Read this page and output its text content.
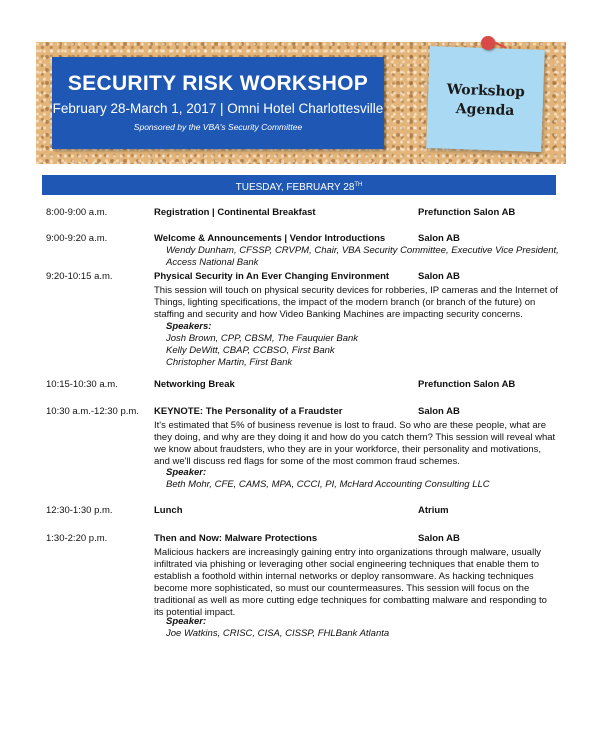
SECURITY RISK WORKSHOP
February 28-March 1, 2017 | Omni Hotel Charlottesville
Sponsored by the VBA's Security Committee
Workshop
Agenda
TUESDAY, FEBRUARY 28TH
8:00-9:00 a.m.	Registration | Continental Breakfast	Prefunction Salon AB
9:00-9:20 a.m.	Welcome & Announcements | Vendor Introductions	Salon AB
Wendy Dunham, CFSSP, CRVPM, Chair, VBA Security Committee, Executive Vice President, Access National Bank
9:20-10:15 a.m.	Physical Security in An Ever Changing Environment	Salon AB
This session will touch on physical security devices for robberies, IP cameras and the Internet of Things, lighting specifications, the impact of the modern branch (or branch of the future) on staffing and security and how Video Banking Machines are impacting security concerns.
Speakers:
Josh Brown, CPP, CBSM, The Fauquier Bank
Kelly DeWitt, CBAP, CCBSO, First Bank
Christopher Martin, First Bank
10:15-10:30 a.m.	Networking Break	Prefunction Salon AB
10:30 a.m.-12:30 p.m. KEYNOTE: The Personality of a Fraudster	Salon AB
It's estimated that 5% of business revenue is lost to fraud. So who are these people, what are they doing, and why are they doing it and how do you catch them? This session will reveal what we know about fraudsters, who they are in your workforce, their personality and motivations, and we'll discuss red flags for some of the most common fraud schemes.
Speaker:
Beth Mohr, CFE, CAMS, MPA, CCCI, PI, McHard Accounting Consulting LLC
12:30-1:30 p.m.	Lunch	Atrium
1:30-2:20 p.m.	Then and Now: Malware Protections	Salon AB
Malicious hackers are increasingly gaining entry into organizations through malware, usually infiltrated via phishing or leveraging other social engineering techniques that enable them to establish a foothold within internal networks or deploy ransomware. As hacking techniques become more sophisticated, so must our countermeasures. This session will focus on the traditional as well as more cutting edge techniques for combatting malware and responding to its potential impact.
Speaker:
Joe Watkins, CRISC, CISA, CISSP, FHLBank Atlanta
